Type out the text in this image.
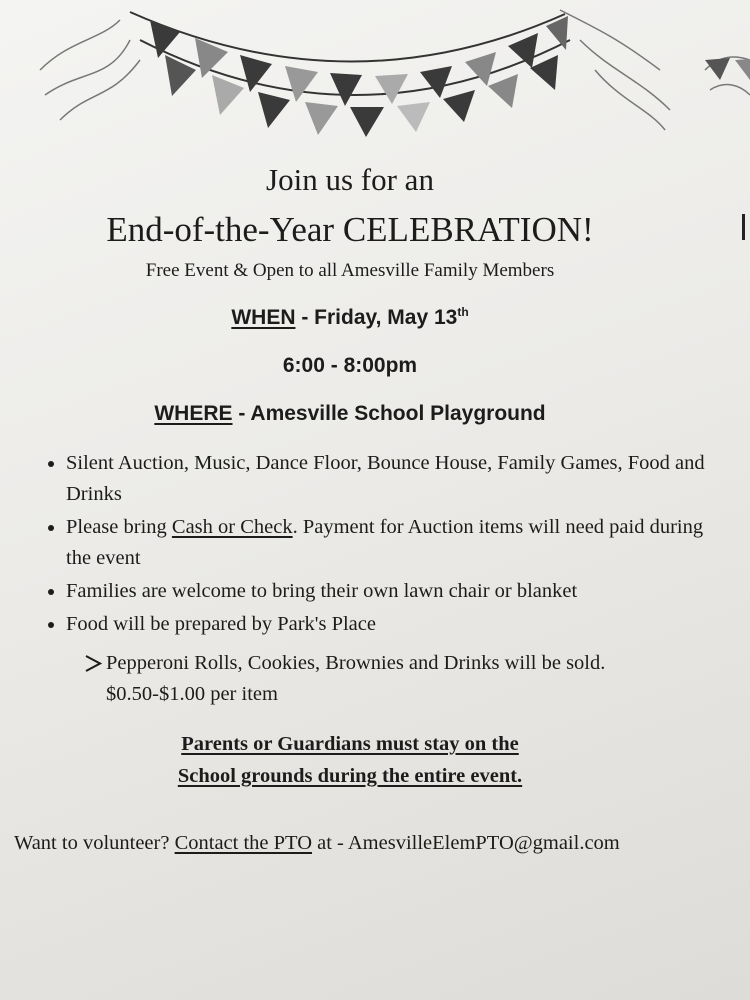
Join us for an
End-of-the-Year CELEBRATION!
Free Event & Open to all Amesville Family Members
WHEN - Friday, May 13th
6:00 - 8:00pm
WHERE - Amesville School Playground
• Silent Auction, Music, Dance Floor, Bounce House, Family Games, Food and Drinks
• Please bring Cash or Check. Payment for Auction items will need paid during the event
• Families are welcome to bring their own lawn chair or blanket
• Food will be prepared by Park's Place
Pepperoni Rolls, Cookies, Brownies and Drinks will be sold. $0.50-$1.00 per item
Parents or Guardians must stay on the
School grounds during the entire event.
Want to volunteer? Contact the PTO at - AmesvilleElemPTO@gmail.com
